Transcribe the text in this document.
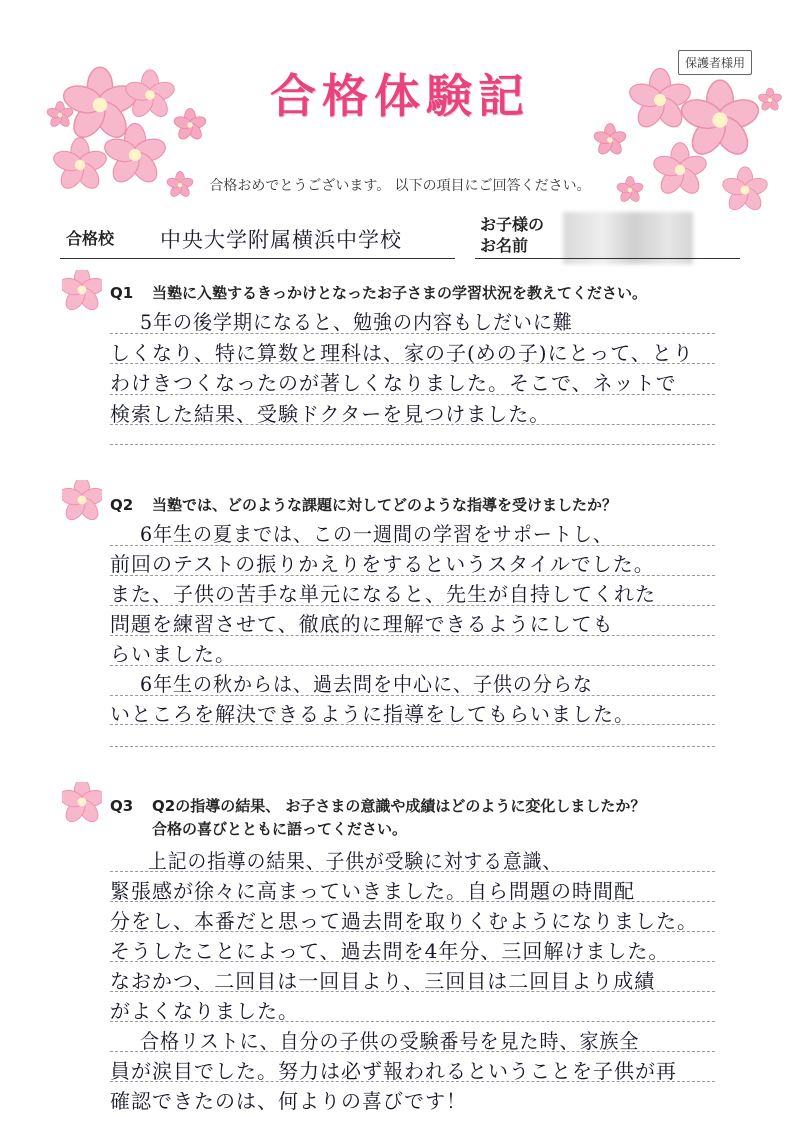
保護者様用
合格体験記
合格おめでとうございます。 以下の項目にご回答ください。
合格校 中央大学附属横浜中学校
お子様の
お名前
Q1 当塾に入塾するきっかけとなったお子さまの学習状況を教えてください。
5年の後学期になると、勉強の内容もしだいに難
しくなり、特に算数と理科は、家の子(めの子)にとって、とり
わけきつくなったのが著しくなりました。そこで、ネットで
検索した結果、受験ドクターを見つけました。
Q2 当塾では、どのような課題に対してどのような指導を受けましたか？
6年生の夏までは、この一週間の学習をサポートし、
前回のテストの振りかえりをするというスタイルでした。
また、子供の苦手な単元になると、先生が自持してくれた
問題を練習させて、徹底的に理解できるようにしても
らいました。
6年生の秋からは、過去問を中心に、子供の分らな
いところを解決できるように指導をしてもらいました。
Q3 Q2の指導の結果、 お子さまの意識や成績はどのように変化しましたか？
合格の喜びとともに語ってください。
上記の指導の結果、子供が受験に対する意識、
緊張感が徐々に高まっていきました。自ら問題の時間配
分をし、本番だと思って過去問を取りくむようになりました。
そうしたことによって、過去問を4年分、三回解けました。
なおかつ、二回目は一回目より、三回目は二回目より成績
がよくなりました。
合格リストに、自分の子供の受験番号を見た時、家族全
員が涙目でした。努力は必ず報われるということを子供が再
確認できたのは、何よりの喜びです！
